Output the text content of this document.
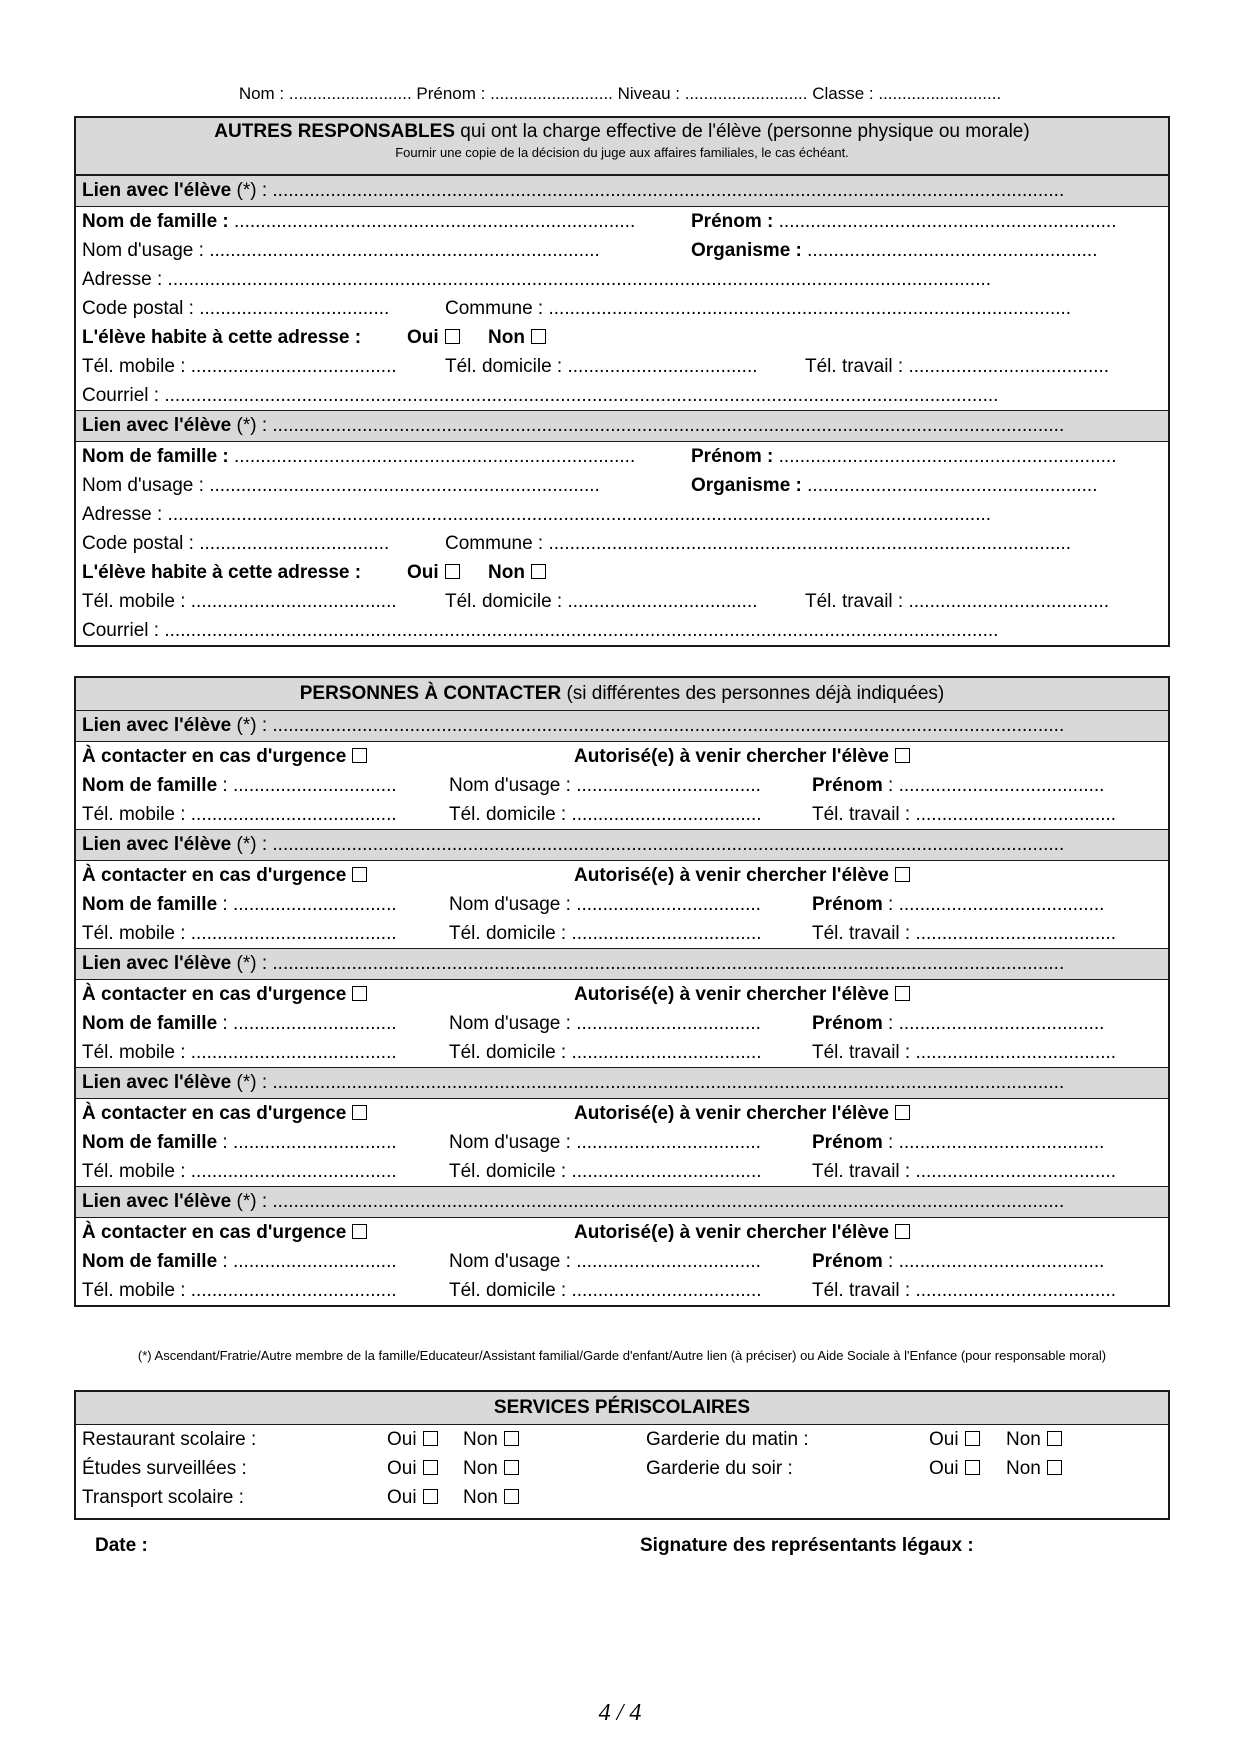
Nom : .......................... Prénom : .......................... Niveau : .......................... Classe : ..........................
AUTRES RESPONSABLES qui ont la charge effective de l'élève (personne physique ou morale)
Fournir une copie de la décision du juge aux affaires familiales, le cas échéant.
Lien avec l'élève (*) : ......................................................................................................................................................
Nom de famille : ............................................................................	Prénom : ................................................................
Nom d'usage : ..........................................................................	Organisme : .......................................................
Adresse : ............................................................................................................................................................
Code postal : ....................................	Commune : ...................................................................................................
L'élève habite à cette adresse : Oui	Non
Tél. mobile : .......................................	Tél. domicile : .................................... Tél. travail : ......................................
Courriel : ..............................................................................................................................................................
Lien avec l'élève (*) : ......................................................................................................................................................
Nom de famille : ............................................................................	Prénom : ................................................................
Nom d'usage : ..........................................................................	Organisme : .......................................................
Adresse : ............................................................................................................................................................
Code postal : ....................................	Commune : ...................................................................................................
L'élève habite à cette adresse : Oui	Non
Tél. mobile : .......................................	Tél. domicile : .................................... Tél. travail : ......................................
Courriel : ..............................................................................................................................................................
PERSONNES À CONTACTER (si différentes des personnes déjà indiquées)
Lien avec l'élève (*) : ......................................................................................................................................................
À contacter en cas d'urgence	Autorisé(e) à venir chercher l'élève
Nom de famille : ...............................	Nom d'usage : ...................................	Prénom : .......................................
Tél. mobile : .......................................	Tél. domicile : ....................................	Tél. travail : ......................................
Lien avec l'élève (*) : ......................................................................................................................................................
À contacter en cas d'urgence	Autorisé(e) à venir chercher l'élève
Nom de famille : ...............................	Nom d'usage : ...................................	Prénom : .......................................
Tél. mobile : .......................................	Tél. domicile : ....................................	Tél. travail : ......................................
Lien avec l'élève (*) : ......................................................................................................................................................
À contacter en cas d'urgence	Autorisé(e) à venir chercher l'élève
Nom de famille : ...............................	Nom d'usage : ...................................	Prénom : .......................................
Tél. mobile : .......................................	Tél. domicile : ....................................	Tél. travail : ......................................
Lien avec l'élève (*) : ......................................................................................................................................................
À contacter en cas d'urgence	Autorisé(e) à venir chercher l'élève
Nom de famille : ...............................	Nom d'usage : ...................................	Prénom : .......................................
Tél. mobile : .......................................	Tél. domicile : ....................................	Tél. travail : ......................................
Lien avec l'élève (*) : ......................................................................................................................................................
À contacter en cas d'urgence	Autorisé(e) à venir chercher l'élève
Nom de famille : ...............................	Nom d'usage : ...................................	Prénom : .......................................
Tél. mobile : .......................................	Tél. domicile : ....................................	Tél. travail : ......................................
(*) Ascendant/Fratrie/Autre membre de la famille/Educateur/Assistant familial/Garde d'enfant/Autre lien (à préciser) ou Aide Sociale à l'Enfance (pour responsable moral)
SERVICES PÉRISCOLAIRES
Restaurant scolaire :	Oui	Non	Garderie du matin :	Oui	Non
Études surveillées :	Oui	Non	Garderie du soir :	Oui	Non
Transport scolaire :	Oui	Non
Date :	Signature des représentants légaux :
4 / 4
